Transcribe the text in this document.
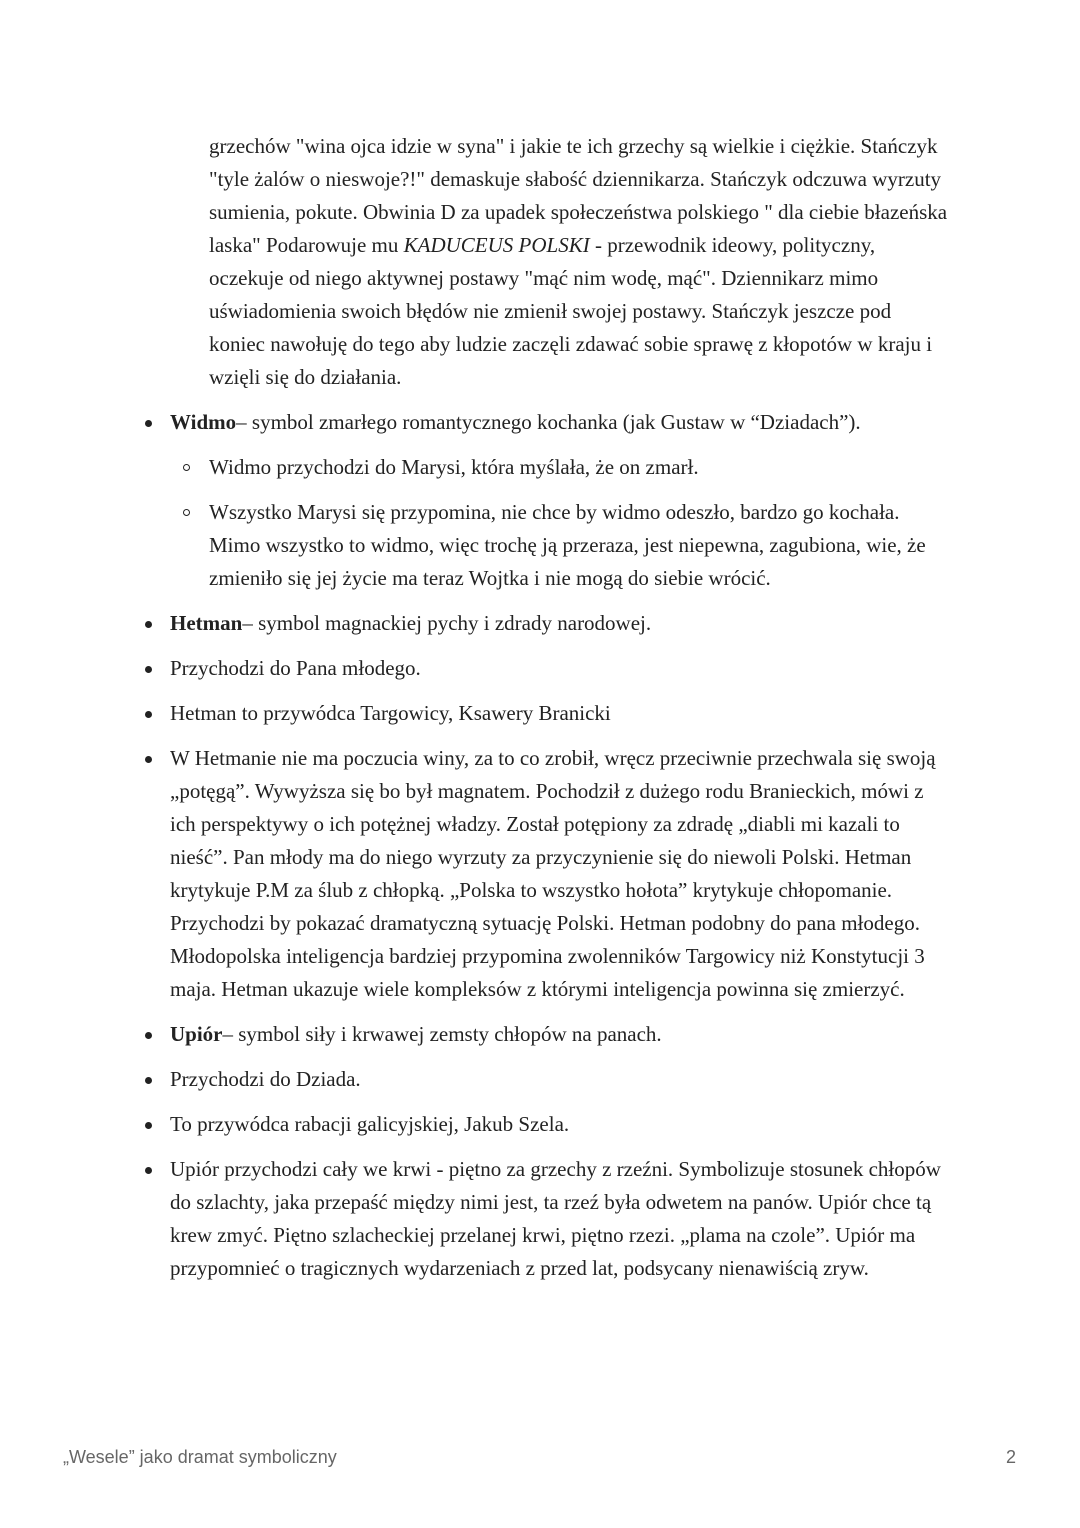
grzechów "wina ojca idzie w syna" i jakie te ich grzechy są wielkie i ciężkie. Stańczyk "tyle żalów o nieswoje?!" demaskuje słabość dziennikarza. Stańczyk odczuwa wyrzuty sumienia, pokute. Obwinia D za upadek społeczeństwa polskiego " dla ciebie błazeńska laska" Podarowuje mu KADUCEUS POLSKI - przewodnik ideowy, polityczny, oczekuje od niego aktywnej postawy "mąć nim wodę, mąć". Dziennikarz mimo uświadomienia swoich błędów nie zmienił swojej postawy. Stańczyk jeszcze pod koniec nawołuję do tego aby ludzie zaczęli zdawać sobie sprawę z kłopotów w kraju i wzięli się do działania.

Widmo– symbol zmarłego romantycznego kochanka (jak Gustaw w “Dziadach”).

Widmo przychodzi do Marysi, która myślała, że on zmarł.

Wszystko Marysi się przypomina, nie chce by widmo odeszło, bardzo go kochała. Mimo wszystko to widmo, więc trochę ją przeraza, jest niepewna, zagubiona, wie, że zmieniło się jej życie ma teraz Wojtka i nie mogą do siebie wrócić.

Hetman– symbol magnackiej pychy i zdrady narodowej.

Przychodzi do Pana młodego.

Hetman to przywódca Targowicy, Ksawery Branicki

W Hetmanie nie ma poczucia winy, za to co zrobił, wręcz przeciwnie przechwala się swoją „potęgą”. Wywyższa się bo był magnatem. Pochodził z dużego rodu Branieckich, mówi z ich perspektywy o ich potężnej władzy. Został potępiony za zdradę „diabli mi kazali to nieść”. Pan młody ma do niego wyrzuty za przyczynienie się do niewoli Polski. Hetman krytykuje P.M za ślub z chłopką. „Polska to wszystko hołota” krytykuje chłopomanie. Przychodzi by pokazać dramatyczną sytuację Polski. Hetman podobny do pana młodego. Młodopolska inteligencja bardziej przypomina zwolenników Targowicy niż Konstytucji 3 maja. Hetman ukazuje wiele kompleksów z którymi inteligencja powinna się zmierzyć.

Upiór– symbol siły i krwawej zemsty chłopów na panach.

Przychodzi do Dziada.

To przywódca rabacji galicyjskiej, Jakub Szela.

Upiór przychodzi cały we krwi - piętno za grzechy z rzeźni. Symbolizuje stosunek chłopów do szlachty, jaka przepaść między nimi jest, ta rzeź była odwetem na panów. Upiór chce tą krew zmyć. Piętno szlacheckiej przelanej krwi, piętno rzezi. „plama na czole”. Upiór ma przypomnieć o tragicznych wydarzeniach z przed lat, podsycany nienawiścią zryw.

„Wesele” jako dramat symboliczny	2
